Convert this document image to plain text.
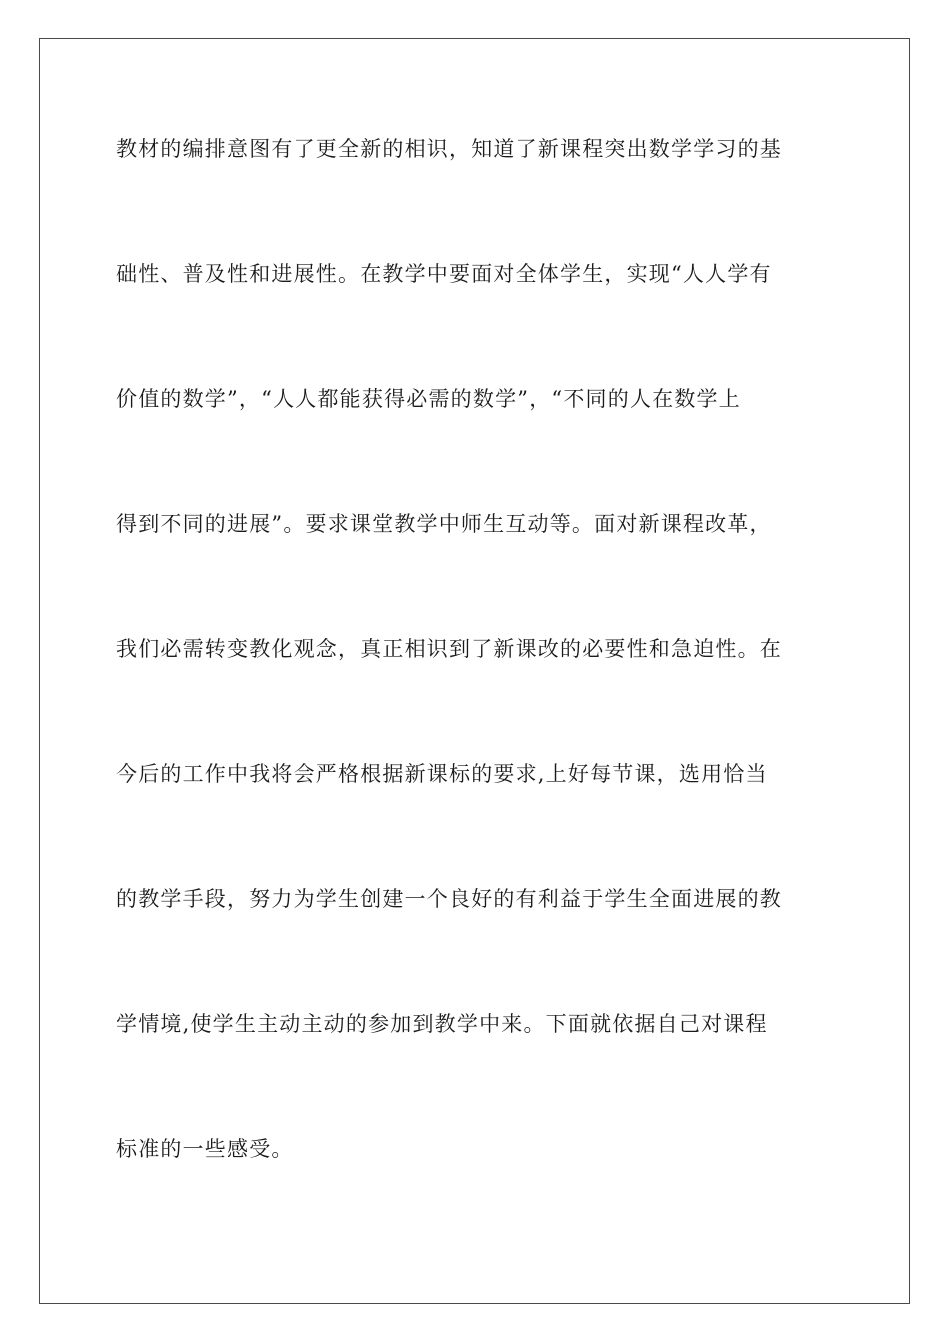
教材的编排意图有了更全新的相识，知道了新课程突出数学学习的基
础性、普及性和进展性。在教学中要面对全体学生，实现“人人学有
价值的数学”，“人人都能获得必需的数学”，“不同的人在数学上
得到不同的进展”。要求课堂教学中师生互动等。面对新课程改革，
我们必需转变教化观念，真正相识到了新课改的必要性和急迫性。在
今后的工作中我将会严格根据新课标的要求,上好每节课，选用恰当
的教学手段，努力为学生创建一个良好的有利益于学生全面进展的教
学情境,使学生主动主动的参加到教学中来。下面就依据自己对课程
标准的一些感受。
